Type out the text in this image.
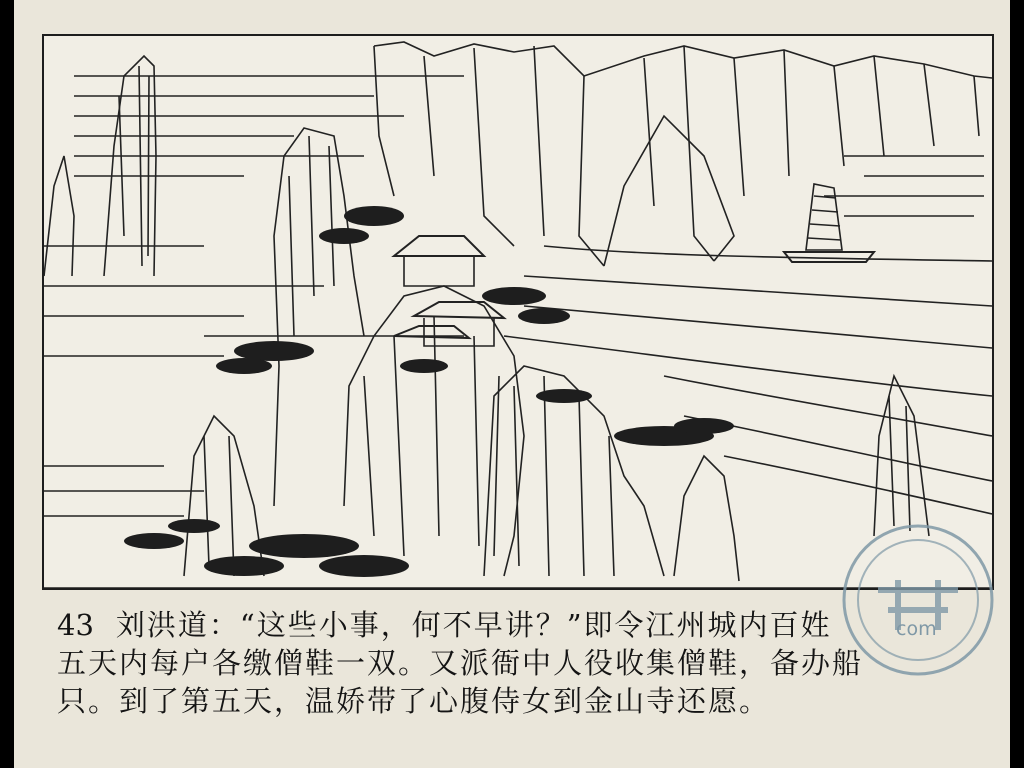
43 刘洪道：“这些小事，何不早讲？”即令江州城内百姓
五天内每户各缴僧鞋一双。又派衙中人役收集僧鞋，备办船
只。到了第五天，温娇带了心腹侍女到金山寺还愿。
com
